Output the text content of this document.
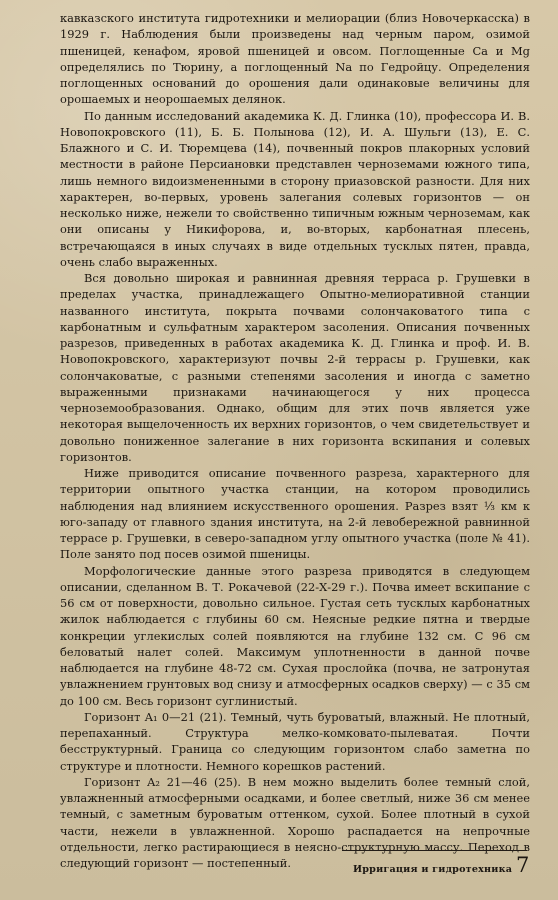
кавказского института гидротехники и мелиорации (близ Новочеркасска) в 1929 г. Наблюдения были произведены над черным паром, озимой пшеницей, кенафом, яровой пшеницей и овсом. Поглощенные Са и Mg определялись по Тюрину, а поглощенный Na по Гедройцу. Определения поглощенных оснований до орошения дали одинаковые величины для орошаемых и неорошаемых делянок.

По данным исследований академика К. Д. Глинка (10), профессора И. В. Новопокровского (11), Б. Б. Полынова (12), И. А. Шульги (13), Е. С. Блажного и С. И. Тюремцева (14), почвенный покров плакорных условий местности в районе Персиановки представлен черноземами южного типа, лишь немного видоизмененными в сторону приазовской разности. Для них характерен, во-первых, уровень залегания солевых горизонтов — он несколько ниже, нежели то свойственно типичным южным черноземам, как они описаны у Никифорова, и, во-вторых, карбонатная плесень, встречающаяся в иных случаях в виде отдельных тусклых пятен, правда, очень слабо выраженных.

Вся довольно широкая и равнинная древняя терраса р. Грушевки в пределах участка, принадлежащего Опытно-мелиоративной станции названного института, покрыта почвами солончаковатого типа с карбонатным и сульфатным характером засоления. Описания почвенных разрезов, приведенных в работах академика К. Д. Глинка и проф. И. В. Новопокровского, характеризуют почвы 2-й террасы р. Грушевки, как солончаковатые, с разными степенями засоления и иногда с заметно выраженными признаками начинающегося у них процесса черноземообразования. Однако, общим для этих почв является уже некоторая выщелоченность их верхних горизонтов, о чем свидетельствует и довольно пониженное залегание в них горизонта вскипания и солевых горизонтов.

Ниже приводится описание почвенного разреза, характерного для территории опытного участка станции, на котором проводились наблюдения над влиянием искусственного орошения. Разрез взят ⅓ км к юго-западу от главного здания института, на 2-й левобережной равнинной террасе р. Грушевки, в северо-западном углу опытного участка (поле № 41). Поле занято под посев озимой пшеницы.

Морфологические данные этого разреза приводятся в следующем описании, сделанном В. Т. Рокачевой (22-Х-29 г.). Почва имеет вскипание с 56 см от поверхности, довольно сильное. Густая сеть тусклых карбонатных жилок наблюдается с глубины 60 см. Неясные редкие пятна и твердые конкреции углекислых солей появляются на глубине 132 см. С 96 см беловатый налет солей. Максимум уплотненности в данной почве наблюдается на глубине 48-72 см. Сухая прослойка (почва, не затронутая увлажнением грунтовых вод снизу и атмосферных осадков сверху) — с 35 см до 100 см. Весь горизонт суглинистый.

Горизонт A₁ 0—21 (21). Темный, чуть буроватый, влажный. Не плотный, перепаханный. Структура мелко-комковато-пылеватая. Почти бесструктурный. Граница со следующим горизонтом слабо заметна по структуре и плотности. Немного корешков растений.

Горизонт A₂ 21—46 (25). В нем можно выделить более темный слой, увлажненный атмосферными осадками, и более светлый, ниже 36 см менее темный, с заметным буроватым оттенком, сухой. Более плотный в сухой части, нежели в увлажненной. Хорошо распадается на непрочные отдельности, легко растирающиеся в неясно-структурную массу. Переход в следующий горизонт — постепенный.	Ирригация и гидротехника 7
